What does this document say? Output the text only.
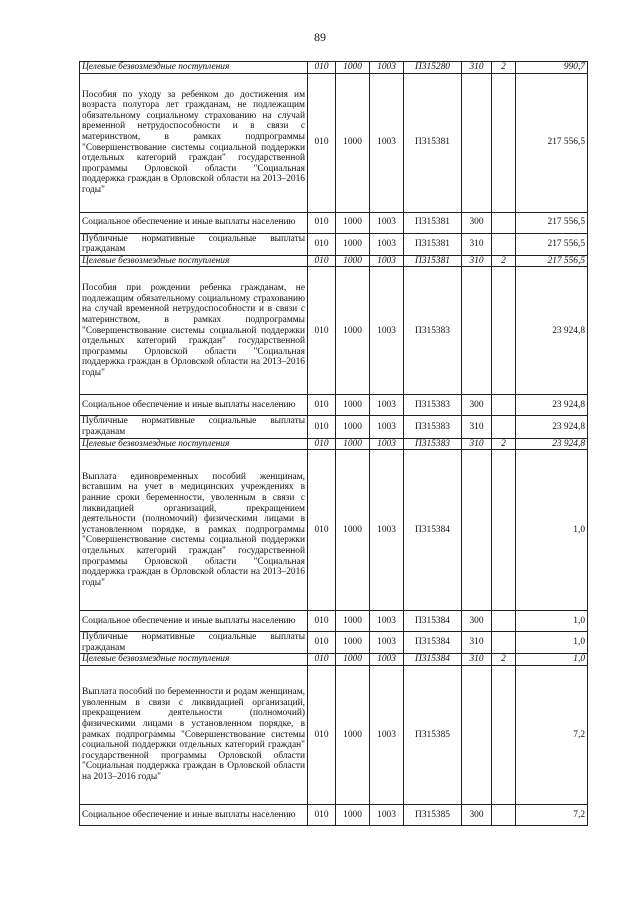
89
Целевые безвозмездные поступления	010	1000	1003	П315280	310	2	990,7
Пособия по уходу за ребенком до достижения им возраста полутора лет гражданам, не подлежащим обязательному социальному страхованию на случай временной нетрудоспособности и в связи с материнством, в рамках подпрограммы "Совершенствование системы социальной поддержки отдельных категорий граждан" государственной программы Орловской области "Социальная поддержка граждан в Орловской области на 2013–2016 годы"	010	1000	1003	П315381			217 556,5
Социальное обеспечение и иные выплаты населению	010	1000	1003	П315381	300		217 556,5
Публичные нормативные социальные выплаты гражданам	010	1000	1003	П315381	310		217 556,5
Целевые безвозмездные поступления	010	1000	1003	П315381	310	2	217 556,5
Пособия при рождении ребенка гражданам, не подлежащим обязательному социальному страхованию на случай временной нетрудоспособности и в связи с материнством, в рамках подпрограммы "Совершенствование системы социальной поддержки отдельных категорий граждан" государственной программы Орловской области "Социальная поддержка граждан в Орловской области на 2013–2016 годы"	010	1000	1003	П315383			23 924,8
Социальное обеспечение и иные выплаты населению	010	1000	1003	П315383	300		23 924,8
Публичные нормативные социальные выплаты гражданам	010	1000	1003	П315383	310		23 924,8
Целевые безвозмездные поступления	010	1000	1003	П315383	310	2	23 924,8
Выплата единовременных пособий женщинам, вставшим на учет в медицинских учреждениях в ранние сроки беременности, уволенным в связи с ликвидацией организаций, прекращением деятельности (полномочий) физическими лицами в установленном порядке, в рамках подпрограммы "Совершенствование системы социальной поддержки отдельных категорий граждан" государственной программы Орловской области "Социальная поддержка граждан в Орловской области на 2013–2016 годы"	010	1000	1003	П315384			1,0
Социальное обеспечение и иные выплаты населению	010	1000	1003	П315384	300		1,0
Публичные нормативные социальные выплаты гражданам	010	1000	1003	П315384	310		1,0
Целевые безвозмездные поступления	010	1000	1003	П315384	310	2	1,0
Выплата пособий по беременности и родам женщинам, уволенным в связи с ликвидацией организаций, прекращением деятельности (полномочий) физическими лицами в установленном порядке, в рамках подпрограммы "Совершенствование системы социальной поддержки отдельных категорий граждан" государственной программы Орловской области "Социальная поддержка граждан в Орловской области на 2013–2016 годы"	010	1000	1003	П315385			7,2
Социальное обеспечение и иные выплаты населению	010	1000	1003	П315385	300		7,2
